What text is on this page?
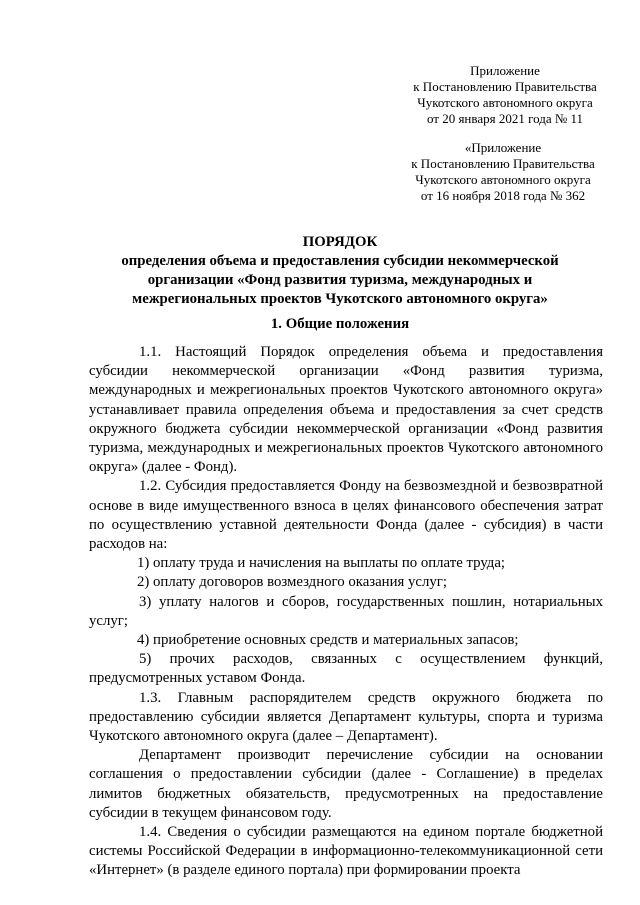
Приложение
к Постановлению Правительства
Чукотского автономного округа
от 20 января 2021 года № 11
«Приложение
к Постановлению Правительства
Чукотского автономного округа
от 16 ноября 2018 года № 362
ПОРЯДОК
определения объема и предоставления субсидии некоммерческой
организации «Фонд развития туризма, международных и
межрегиональных проектов Чукотского автономного округа»
1. Общие положения

1.1. Настоящий Порядок определения объема и предоставления субсидии некоммерческой организации «Фонд развития туризма, международных и межрегиональных проектов Чукотского автономного округа» устанавливает правила определения объема и предоставления за счет средств окружного бюджета субсидии некоммерческой организации «Фонд развития туризма, международных и межрегиональных проектов Чукотского автономного округа» (далее - Фонд).

1.2. Субсидия предоставляется Фонду на безвозмездной и безвозвратной основе в виде имущественного взноса в целях финансового обеспечения затрат по осуществлению уставной деятельности Фонда (далее - субсидия) в части расходов на:

1) оплату труда и начисления на выплаты по оплате труда;

2) оплату договоров возмездного оказания услуг;

3) уплату налогов и сборов, государственных пошлин, нотариальных услуг;

4) приобретение основных средств и материальных запасов;

5) прочих расходов, связанных с осуществлением функций, предусмотренных уставом Фонда.

1.3. Главным распорядителем средств окружного бюджета по предоставлению субсидии является Департамент культуры, спорта и туризма Чукотского автономного округа (далее – Департамент).

Департамент производит перечисление субсидии на основании соглашения о предоставлении субсидии (далее - Соглашение) в пределах лимитов бюджетных обязательств, предусмотренных на предоставление субсидии в текущем финансовом году.

1.4. Сведения о субсидии размещаются на едином портале бюджетной системы Российской Федерации в информационно-телекоммуникационной сети «Интернет» (в разделе единого портала) при формировании проекта
